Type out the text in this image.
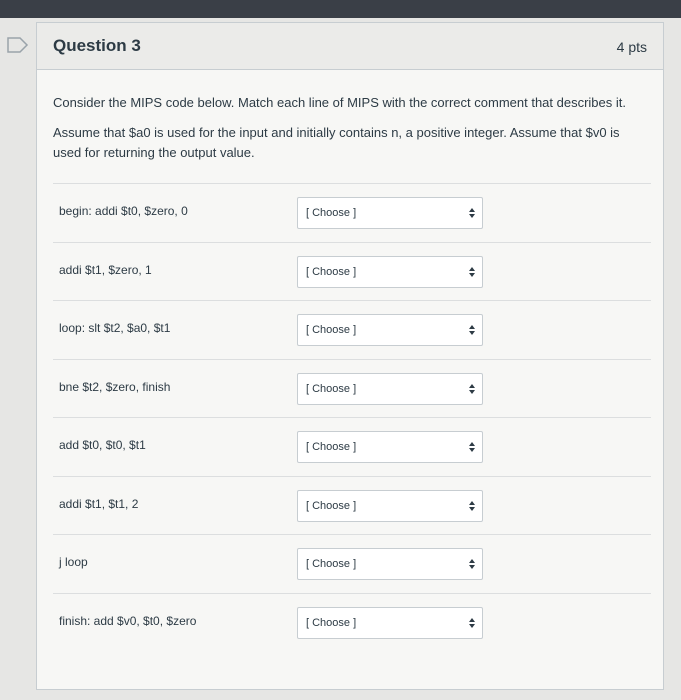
Question 3	4 pts

Consider the MIPS code below. Match each line of MIPS with the correct comment that describes it.

Assume that $a0 is used for the input and initially contains n, a positive integer. Assume that $v0 is used for returning the output value.

begin: addi $t0, $zero, 0	[ Choose ]
addi $t1, $zero, 1	[ Choose ]
loop: slt $t2, $a0, $t1	[ Choose ]
bne $t2, $zero, finish	[ Choose ]
add $t0, $t0, $t1	[ Choose ]
addi $t1, $t1, 2	[ Choose ]
j loop	[ Choose ]
finish: add $v0, $t0, $zero	[ Choose ]
